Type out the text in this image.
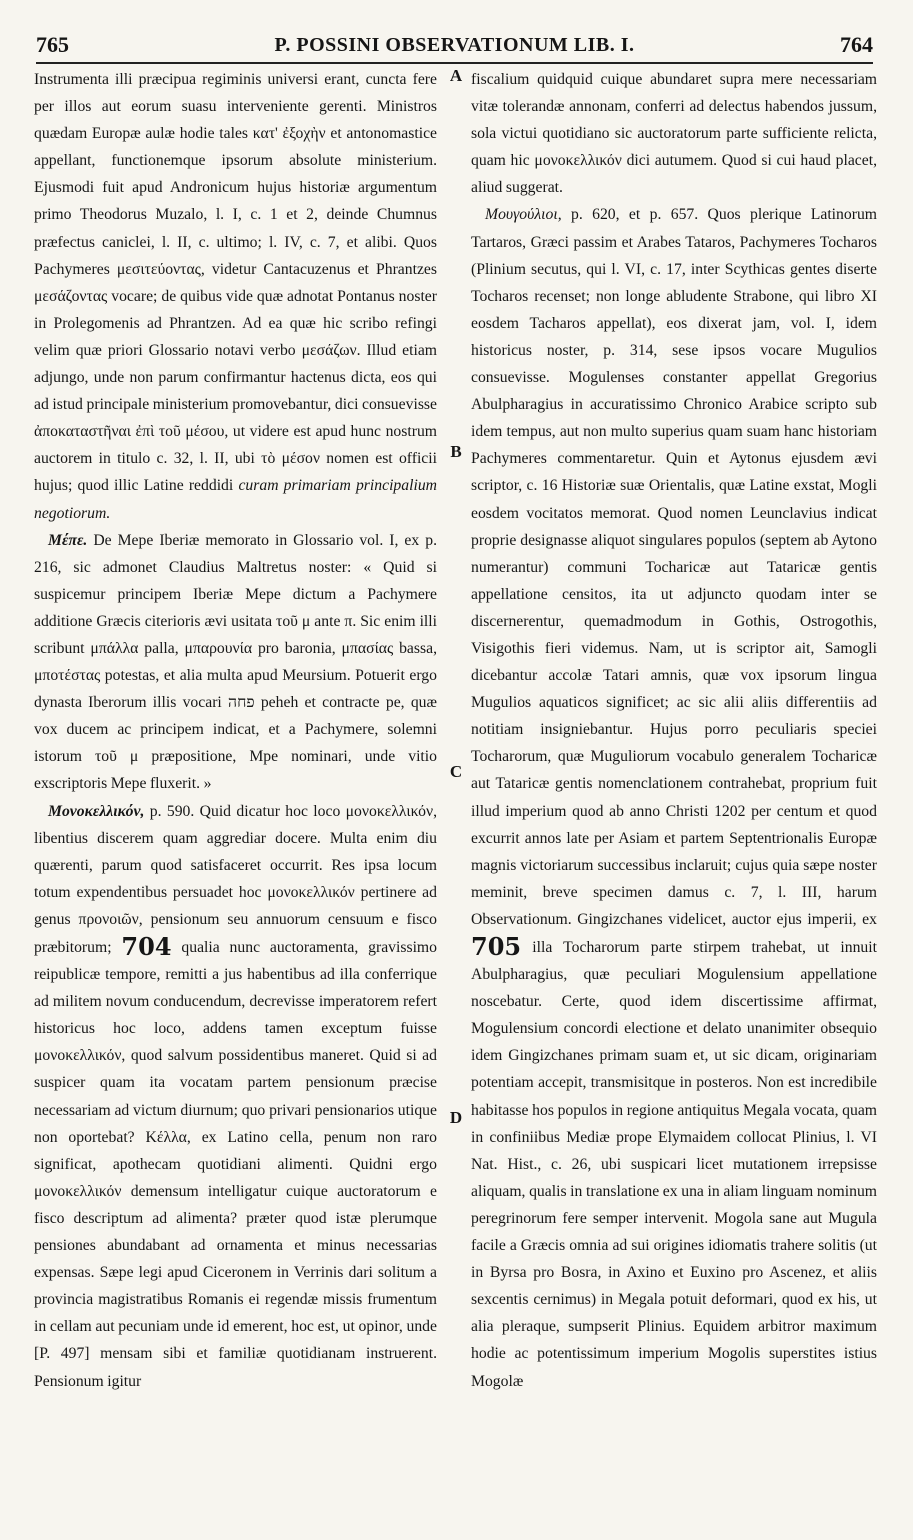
765	P. POSSINI OBSERVATIONUM LIB. I.	764
A
B
C
D

Instrumenta illi præcipua regiminis universi erant, cuncta fere per illos aut eorum suasu interveniente gerenti. Ministros quædam Europæ aulæ hodie tales κατ' ἐξοχὴν et antonomastice appellant, functionemque ipsorum absolute ministerium. Ejusmodi fuit apud Andronicum hujus historiæ argumentum primo Theodorus Muzalo, l. I, c. 1 et 2, deinde Chumnus præfectus caniclei, l. II, c. ultimo; l. IV, c. 7, et alibi. Quos Pachymeres μεσιτεύοντας, videtur Cantacuzenus et Phrantzes μεσάζοντας vocare; de quibus vide quæ adnotat Pontanus noster in Prolegomenis ad Phrantzen. Ad ea quæ hic scribo refingi velim quæ priori Glossario notavi verbo μεσάζων. Illud etiam adjungo, unde non parum confirmantur hactenus dicta, eos qui ad istud principale ministerium promovebantur, dici consuevisse ἀποκαταστῆναι ἐπὶ τοῦ μέσου, ut videre est apud hunc nostrum auctorem in titulo c. 32, l. II, ubi τὸ μέσον nomen est officii hujus; quod illic Latine reddidi curam primariam principalium negotiorum.

Μέπε. De Mepe Iberiæ memorato in Glossario vol. I, ex p. 216, sic admonet Claudius Maltretus noster: « Quid si suspicemur principem Iberiæ Mepe dictum a Pachymere additione Græcis citerioris ævi usitata τοῦ μ ante π. Sic enim illi scribunt μπάλλα palla, μπαρουνία pro baronia, μπασίας bassa, μποτέστας potestas, et alia multa apud Meursium. Potuerit ergo dynasta Iberorum illis vocari פחה peheh et contracte pe, quæ vox ducem ac principem indicat, et a Pachymere, solemni istorum τοῦ μ præpositione, Mpe nominari, unde vitio exscriptoris Mepe fluxerit. »

Μονοκελλικόν, p. 590. Quid dicatur hoc loco μονοκελλικόν, libentius discerem quam aggrediar docere. Multa enim diu quærenti, parum quod satisfaceret occurrit. Res ipsa locum totum expendentibus persuadet hoc μονοκελλικόν pertinere ad genus προνοιῶν, pensionum seu annuorum censuum e fisco præbitorum; 704 qualia nunc auctoramenta, gravissimo reipublicæ tempore, remitti a jus habentibus ad illa conferrique ad militem novum conducendum, decrevisse imperatorem refert historicus hoc loco, addens tamen exceptum fuisse μονοκελλικόν, quod salvum possidentibus maneret. Quid si ad suspicer quam ita vocatam partem pensionum præcise necessariam ad victum diurnum; quo privari pensionarios utique non oportebat? Κέλλα, ex Latino cella, penum non raro significat, apothecam quotidiani alimenti. Quidni ergo μονοκελλικόν demensum intelligatur cuique auctoratorum e fisco descriptum ad alimenta? præter quod istæ plerumque pensiones abundabant ad ornamenta et minus necessarias expensas. Sæpe legi apud Ciceronem in Verrinis dari solitum a provincia magistratibus Romanis ei regendæ missis frumentum in cellam aut pecuniam unde id emerent, hoc est, ut opinor, unde [P. 497] mensam sibi et familiæ quotidianam instruerent. Pensionum igitur

fiscalium quidquid cuique abundaret supra mere necessariam vitæ tolerandæ annonam, conferri ad delectus habendos jussum, sola victui quotidiano sic auctoratorum parte sufficiente relicta, quam hic μονοκελλικόν dici autumem. Quod si cui haud placet, aliud suggerat.

Μουγούλιοι, p. 620, et p. 657. Quos plerique Latinorum Tartaros, Græci passim et Arabes Tataros, Pachymeres Tocharos (Plinium secutus, qui l. VI, c. 17, inter Scythicas gentes diserte Tocharos recenset; non longe abludente Strabone, qui libro XI eosdem Tacharos appellat), eos dixerat jam, vol. I, idem historicus noster, p. 314, sese ipsos vocare Mugulios consuevisse. Mogulenses constanter appellat Gregorius Abulpharagius in accuratissimo Chronico Arabice scripto sub idem tempus, aut non multo superius quam suam hanc historiam Pachymeres commentaretur. Quin et Aytonus ejusdem ævi scriptor, c. 16 Historiæ suæ Orientalis, quæ Latine exstat, Mogli eosdem vocitatos memorat. Quod nomen Leunclavius indicat proprie designasse aliquot singulares populos (septem ab Aytono numerantur) communi Tocharicæ aut Tataricæ gentis appellatione censitos, ita ut adjuncto quodam inter se discernerentur, quemadmodum in Gothis, Ostrogothis, Visigothis fieri videmus. Nam, ut is scriptor ait, Samogli dicebantur accolæ Tatari amnis, quæ vox ipsorum lingua Mugulios aquaticos significet; ac sic alii aliis differentiis ad notitiam insigniebantur. Hujus porro peculiaris speciei Tocharorum, quæ Muguliorum vocabulo generalem Tocharicæ aut Tataricæ gentis nomenclationem contrahebat, proprium fuit illud imperium quod ab anno Christi 1202 per centum et quod excurrit annos late per Asiam et partem Septentrionalis Europæ magnis victoriarum successibus inclaruit; cujus quia sæpe noster meminit, breve specimen damus c. 7, l. III, harum Observationum. Gingizchanes videlicet, auctor ejus imperii, ex 705 illa Tocharorum parte stirpem trahebat, ut innuit Abulpharagius, quæ peculiari Mogulensium appellatione noscebatur. Certe, quod idem discertissime affirmat, Mogulensium concordi electione et delato unanimiter obsequio idem Gingizchanes primam suam et, ut sic dicam, originariam potentiam accepit, transmisitque in posteros. Non est incredibile habitasse hos populos in regione antiquitus Megala vocata, quam in confiniibus Mediæ prope Elymaidem collocat Plinius, l. VI Nat. Hist., c. 26, ubi suspicari licet mutationem irrepsisse aliquam, qualis in translatione ex una in aliam linguam nominum peregrinorum fere semper intervenit. Mogola sane aut Mugula facile a Græcis omnia ad sui origines idiomatis trahere solitis (ut in Byrsa pro Bosra, in Axino et Euxino pro Ascenez, et aliis sexcentis cernimus) in Megala potuit deformari, quod ex his, ut alia pleraque, sumpserit Plinius. Equidem arbitror maximum hodie ac potentissimum imperium Mogolis superstites istius Mogolæ
